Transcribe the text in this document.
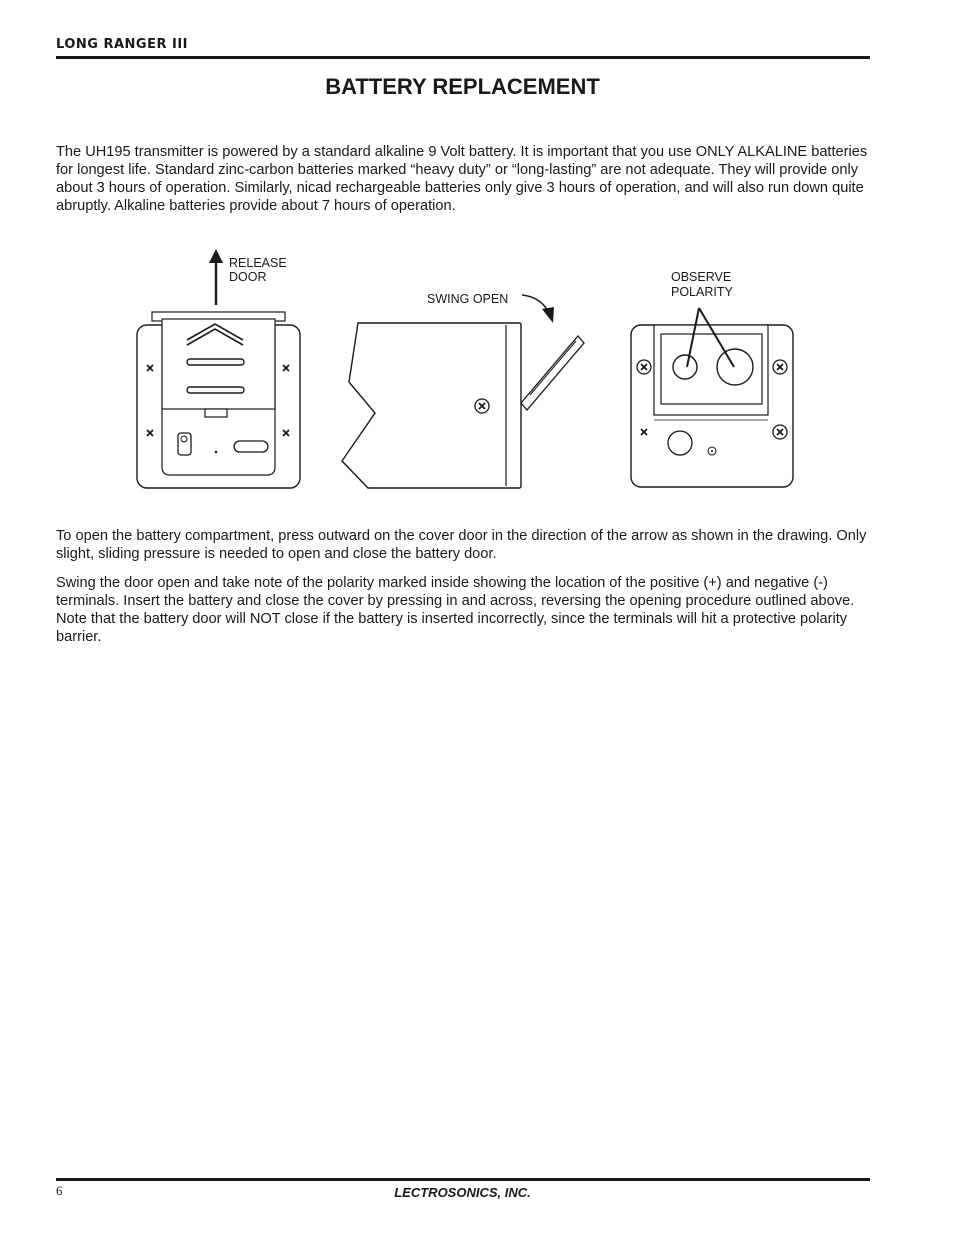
LONG RANGER III
BATTERY REPLACEMENT

The UH195 transmitter is powered by a standard alkaline 9 Volt battery. It is important that you use ONLY ALKALINE batteries for longest life. Standard zinc-carbon batteries marked “heavy duty” or “long-lasting” are not adequate. They will provide only about 3 hours of operation. Similarly, nicad rechargeable batteries only give 3 hours of operation, and will also run down quite abruptly. Alkaline batteries provide about 7 hours of operation.

RELEASE
DOOR
SWING OPEN
OBSERVE
POLARITY

To open the battery compartment, press outward on the cover door in the direction of the arrow as shown in the drawing. Only slight, sliding pressure is needed to open and close the battery door.

Swing the door open and take note of the polarity marked inside showing the location of the positive (+) and negative (-) terminals. Insert the battery and close the cover by pressing in and across, reversing the opening procedure outlined above. Note that the battery door will NOT close if the battery is inserted incorrectly, since the terminals will hit a protective polarity barrier.

6	LECTROSONICS, INC.
